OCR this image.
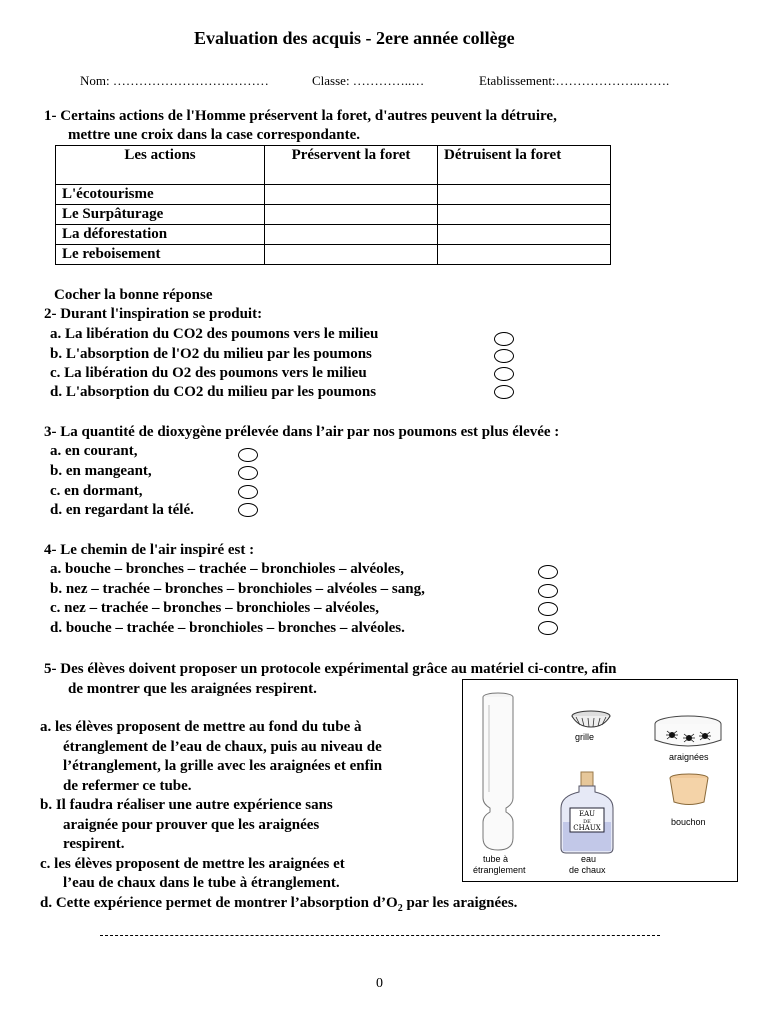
Evaluation des acquis - 2ere année collège
Nom: ………………………………	Classe: …………..…	Etablissement:………………..…….
1- Certains actions de l'Homme préservent la foret, d'autres peuvent la détruire,
mettre une croix dans la case correspondante.
Les actions	Préservent la foret	Détruisent la foret
L'écotourisme		
Le Surpâturage		
La déforestation		
Le reboisement		
Cocher la bonne réponse
2- Durant l'inspiration se produit:
a. La libération du CO2 des poumons vers le milieu
b. L'absorption de l'O2 du milieu par les poumons
c. La libération du O2 des poumons vers le milieu
d. L'absorption du CO2 du milieu par les poumons
3- La quantité de dioxygène prélevée dans l’air par nos poumons est plus élevée :
a. en courant,
b. en mangeant,
c. en dormant,
d. en regardant la télé.
4- Le chemin de l'air inspiré est :
a. bouche – bronches – trachée – bronchioles – alvéoles,
b. nez – trachée – bronches – bronchioles – alvéoles – sang,
c. nez – trachée – bronches – bronchioles – alvéoles,
d. bouche – trachée – bronchioles – bronches – alvéoles.
5- Des élèves doivent proposer un protocole expérimental grâce au matériel ci-contre, afin
de montrer que les araignées respirent.
a. les élèves proposent de mettre au fond du tube à
étranglement de l’eau de chaux, puis au niveau de
l’étranglement, la grille avec les araignées et enfin
de refermer ce tube.
b. Il faudra réaliser une autre expérience sans
araignée pour prouver que les araignées
respirent.
c. les élèves proposent de mettre les araignées et
l’eau de chaux dans le tube à étranglement.
d. Cette expérience permet de montrer l’absorption $d’O_2$ par les araignées.
EAU
DE
CHAUX
grille
araignées
bouchon
tube à
étranglement
eau
de chaux
0
